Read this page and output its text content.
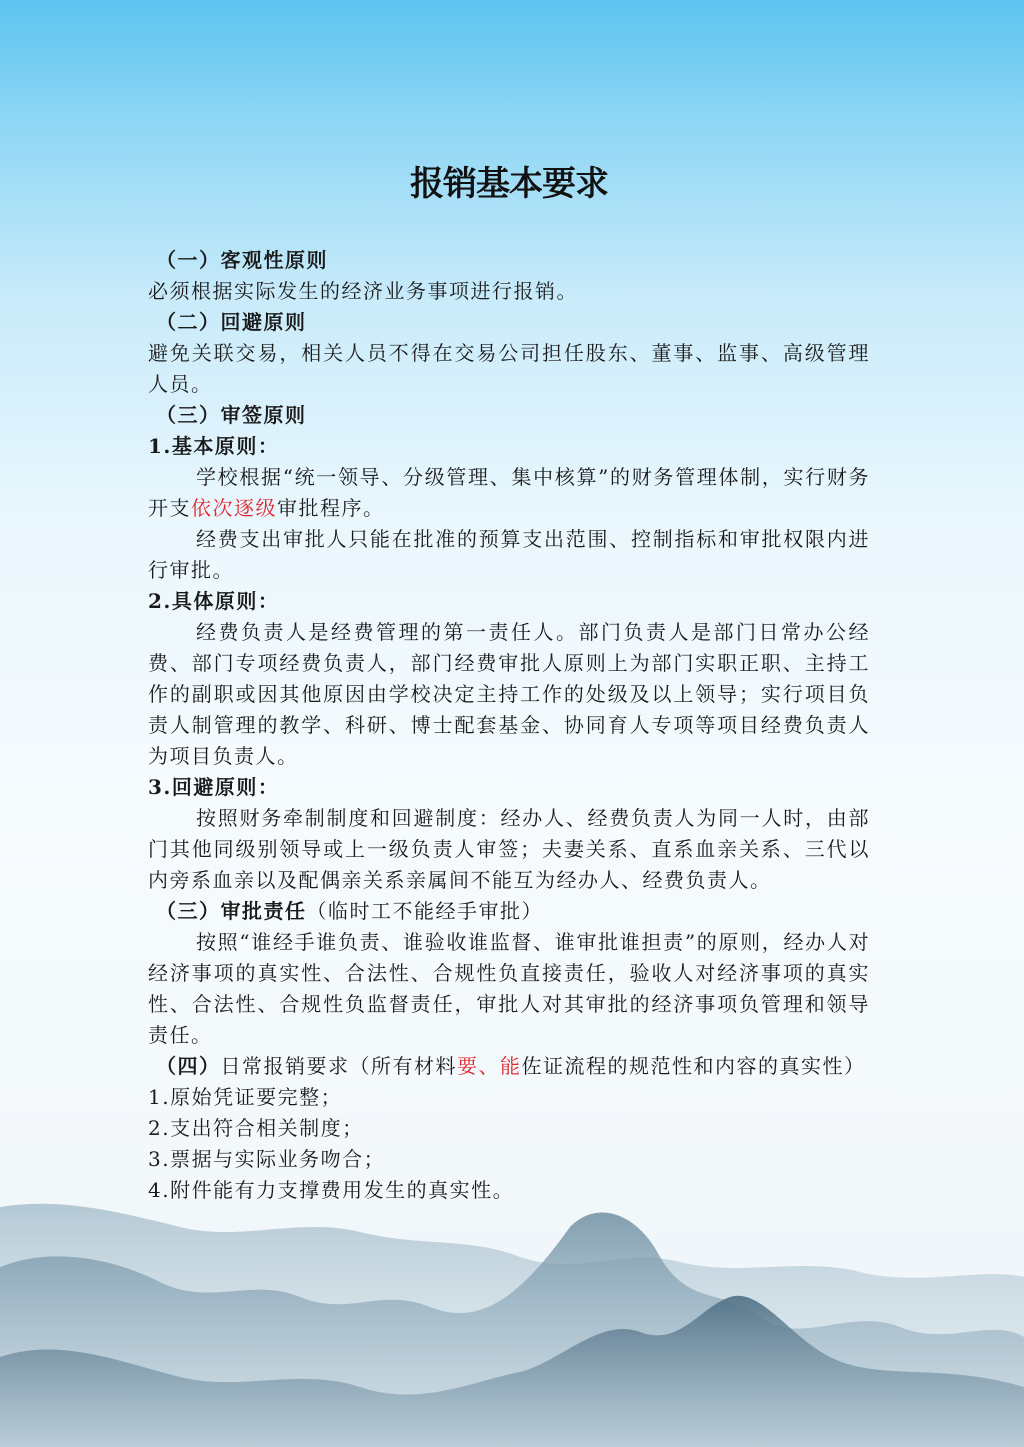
报销基本要求

（一）客观性原则

必须根据实际发生的经济业务事项进行报销。

（二）回避原则

避免关联交易，相关人员不得在交易公司担任股东、董事、监事、高级管理人员。

（三）审签原则

1.基本原则：

学校根据“统一领导、分级管理、集中核算”的财务管理体制，实行财务开支依次逐级审批程序。

经费支出审批人只能在批准的预算支出范围、控制指标和审批权限内进行审批。

2.具体原则：

经费负责人是经费管理的第一责任人。部门负责人是部门日常办公经费、部门专项经费负责人，部门经费审批人原则上为部门实职正职、主持工作的副职或因其他原因由学校决定主持工作的处级及以上领导；实行项目负责人制管理的教学、科研、博士配套基金、协同育人专项等项目经费负责人为项目负责人。

3.回避原则：

按照财务牵制制度和回避制度：经办人、经费负责人为同一人时，由部门其他同级别领导或上一级负责人审签；夫妻关系、直系血亲关系、三代以内旁系血亲以及配偶亲关系亲属间不能互为经办人、经费负责人。

（三）审批责任（临时工不能经手审批）

按照“谁经手谁负责、谁验收谁监督、谁审批谁担责”的原则，经办人对经济事项的真实性、合法性、合规性负直接责任，验收人对经济事项的真实性、合法性、合规性负监督责任，审批人对其审批的经济事项负管理和领导责任。

（四）日常报销要求（所有材料要、能佐证流程的规范性和内容的真实性）

1.原始凭证要完整；

2.支出符合相关制度；

3.票据与实际业务吻合；

4.附件能有力支撑费用发生的真实性。
